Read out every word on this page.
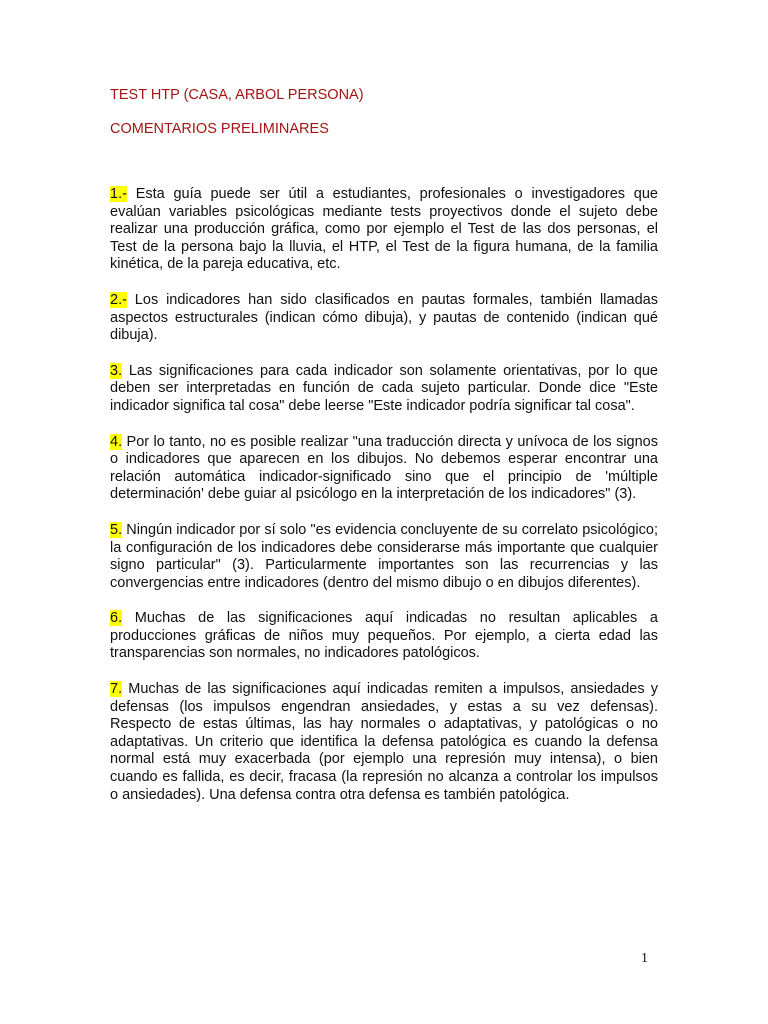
TEST HTP (CASA, ARBOL PERSONA)
COMENTARIOS PRELIMINARES

1.- Esta guía puede ser útil a estudiantes, profesionales o investigadores que evalúan variables psicológicas mediante tests proyectivos donde el sujeto debe realizar una producción gráfica, como por ejemplo el Test de las dos personas, el Test de la persona bajo la lluvia, el HTP, el Test de la figura humana, de la familia kinética, de la pareja educativa, etc.

2.- Los indicadores han sido clasificados en pautas formales, también llamadas aspectos estructurales (indican cómo dibuja), y pautas de contenido (indican qué dibuja).

3. Las significaciones para cada indicador son solamente orientativas, por lo que deben ser interpretadas en función de cada sujeto particular. Donde dice "Este indicador significa tal cosa" debe leerse "Este indicador podría significar tal cosa".

4. Por lo tanto, no es posible realizar "una traducción directa y unívoca de los signos o indicadores que aparecen en los dibujos. No debemos esperar encontrar una relación automática indicador-significado sino que el principio de 'múltiple determinación' debe guiar al psicólogo en la interpretación de los indicadores" (3).

5. Ningún indicador por sí solo "es evidencia concluyente de su correlato psicológico; la configuración de los indicadores debe considerarse más importante que cualquier signo particular" (3). Particularmente importantes son las recurrencias y las convergencias entre indicadores (dentro del mismo dibujo o en dibujos diferentes).

6. Muchas de las significaciones aquí indicadas no resultan aplicables a producciones gráficas de niños muy pequeños. Por ejemplo, a cierta edad las transparencias son normales, no indicadores patológicos.

7. Muchas de las significaciones aquí indicadas remiten a impulsos, ansiedades y defensas (los impulsos engendran ansiedades, y estas a su vez defensas). Respecto de estas últimas, las hay normales o adaptativas, y patológicas o no adaptativas. Un criterio que identifica la defensa patológica es cuando la defensa normal está muy exacerbada (por ejemplo una represión muy intensa), o bien cuando es fallida, es decir, fracasa (la represión no alcanza a controlar los impulsos o ansiedades). Una defensa contra otra defensa es también patológica.

1
